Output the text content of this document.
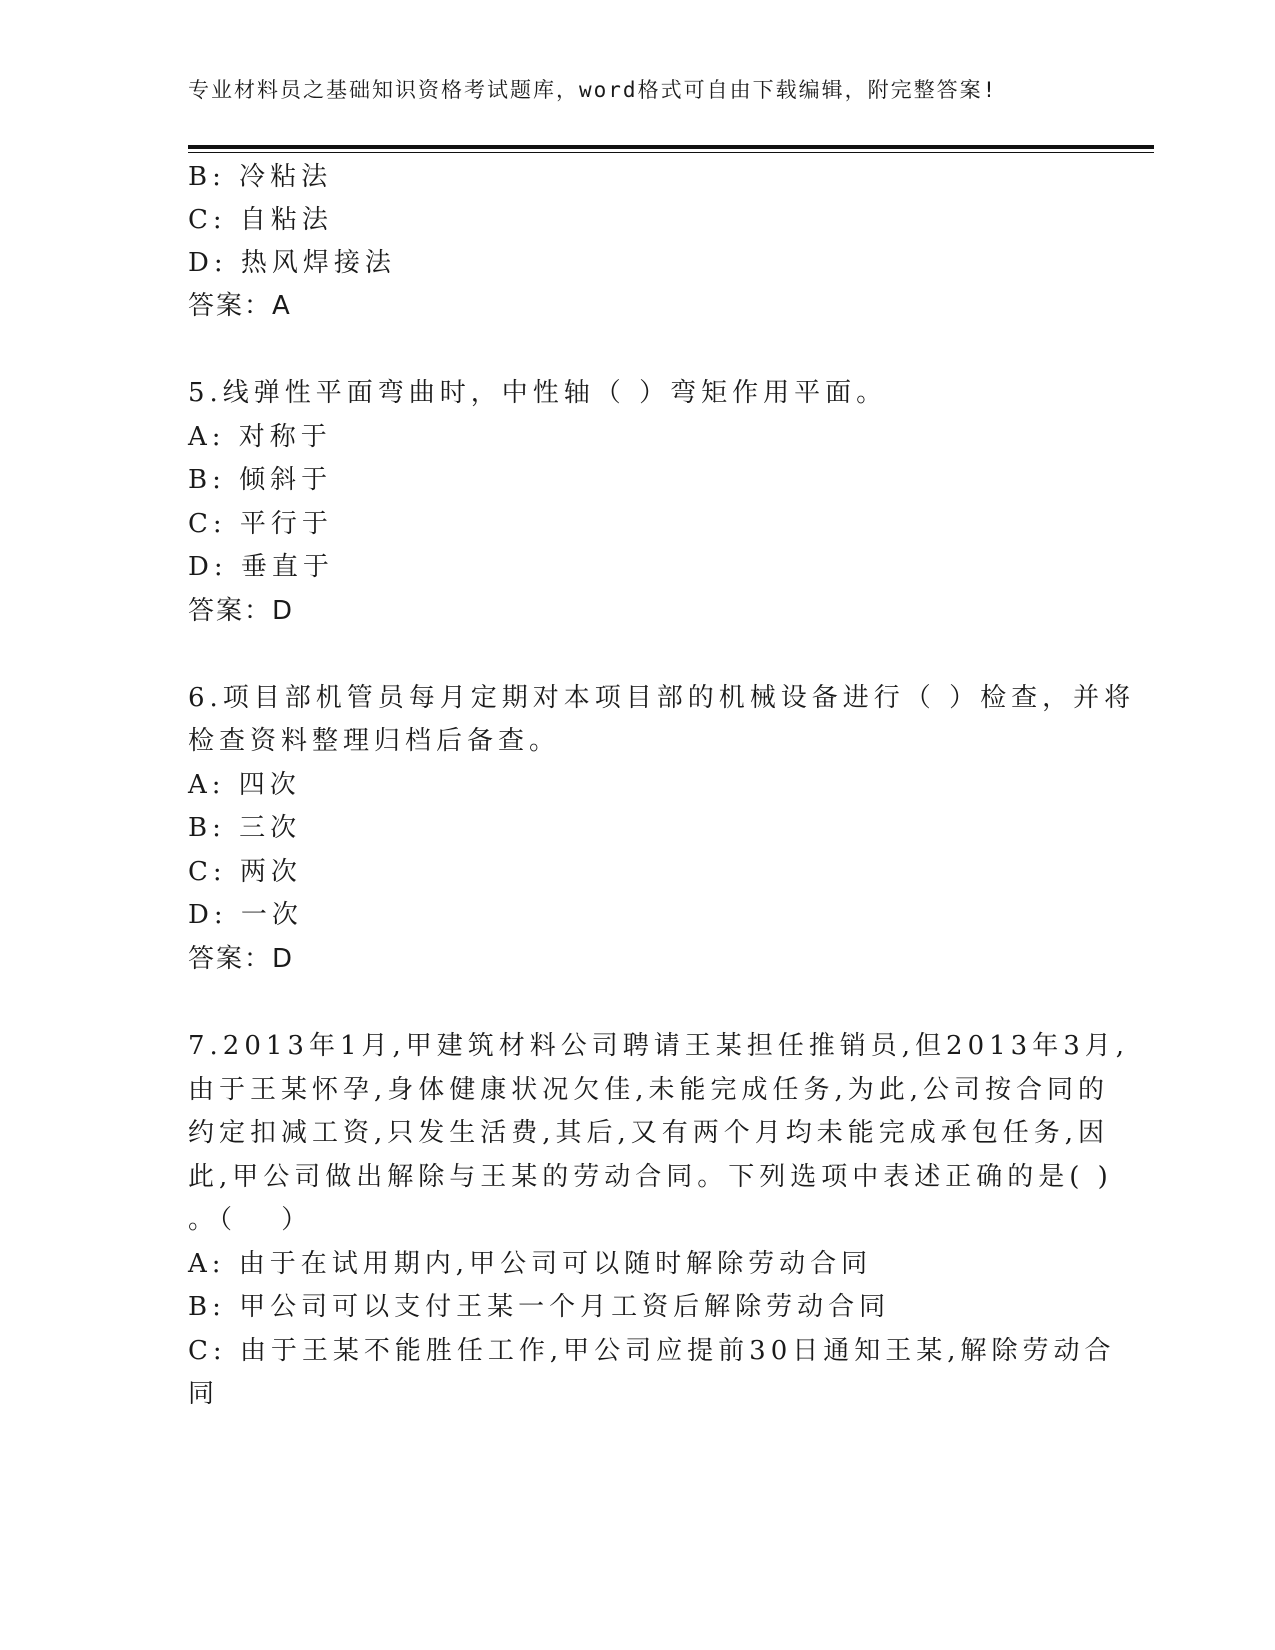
专业材料员之基础知识资格考试题库，word格式可自由下载编辑，附完整答案!
B: 冷粘法
C: 自粘法
D: 热风焊接法
答案：A
5.线弹性平面弯曲时，中性轴（ ）弯矩作用平面。
A: 对称于
B: 倾斜于
C: 平行于
D: 垂直于
答案：D
6.项目部机管员每月定期对本项目部的机械设备进行（ ）检查，并将
检查资料整理归档后备查。
A: 四次
B: 三次
C: 两次
D: 一次
答案：D
7.2013年1月,甲建筑材料公司聘请王某担任推销员,但2013年3月,
由于王某怀孕,身体健康状况欠佳,未能完成任务,为此,公司按合同的
约定扣减工资,只发生活费,其后,又有两个月均未能完成承包任务,因
此,甲公司做出解除与王某的劳动合同。下列选项中表述正确的是( )
。（　 ）
A: 由于在试用期内,甲公司可以随时解除劳动合同
B: 甲公司可以支付王某一个月工资后解除劳动合同
C: 由于王某不能胜任工作,甲公司应提前30日通知王某,解除劳动合
同
